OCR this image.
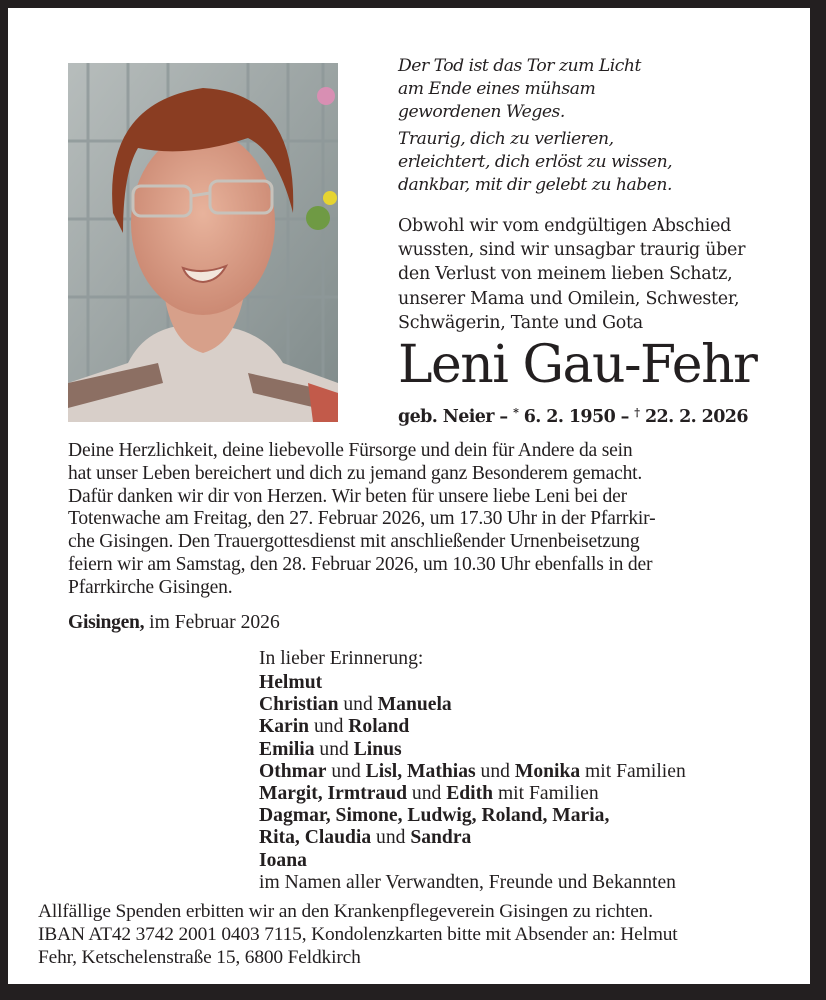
Der Tod ist das Tor zum Licht
am Ende eines mühsam
gewordenen Weges.

Traurig, dich zu verlieren,
erleichtert, dich erlöst zu wissen,
dankbar, mit dir gelebt zu haben.

Obwohl wir vom endgültigen Abschied
wussten, sind wir unsagbar traurig über
den Verlust von meinem lieben Schatz,
unserer Mama und Omilein, Schwester,
Schwägerin, Tante und Gota
Leni Gau-Fehr
geb. Neier – * 6. 2. 1950 – † 22. 2. 2026
Deine Herzlichkeit, deine liebevolle Fürsorge und dein für Andere da sein
hat unser Leben bereichert und dich zu jemand ganz Besonderem gemacht.
Dafür danken wir dir von Herzen. Wir beten für unsere liebe Leni bei der
Totenwache am Freitag, den 27. Februar 2026, um 17.30 Uhr in der Pfarrkir-
che Gisingen. Den Trauergottesdienst mit anschließender Urnenbeisetzung
feiern wir am Samstag, den 28. Februar 2026, um 10.30 Uhr ebenfalls in der
Pfarrkirche Gisingen.
Gisingen, im Februar 2026
In lieber Erinnerung:
Helmut
Christian und Manuela
Karin und Roland
Emilia und Linus
Othmar und Lisl, Mathias und Monika mit Familien
Margit, Irmtraud und Edith mit Familien
Dagmar, Simone, Ludwig, Roland, Maria,
Rita, Claudia und Sandra
Ioana
im Namen aller Verwandten, Freunde und Bekannten
Allfällige Spenden erbitten wir an den Krankenpflegeverein Gisingen zu richten.
IBAN AT42 3742 2001 0403 7115, Kondolenzkarten bitte mit Absender an: Helmut
Fehr, Ketschelenstraße 15, 6800 Feldkirch
